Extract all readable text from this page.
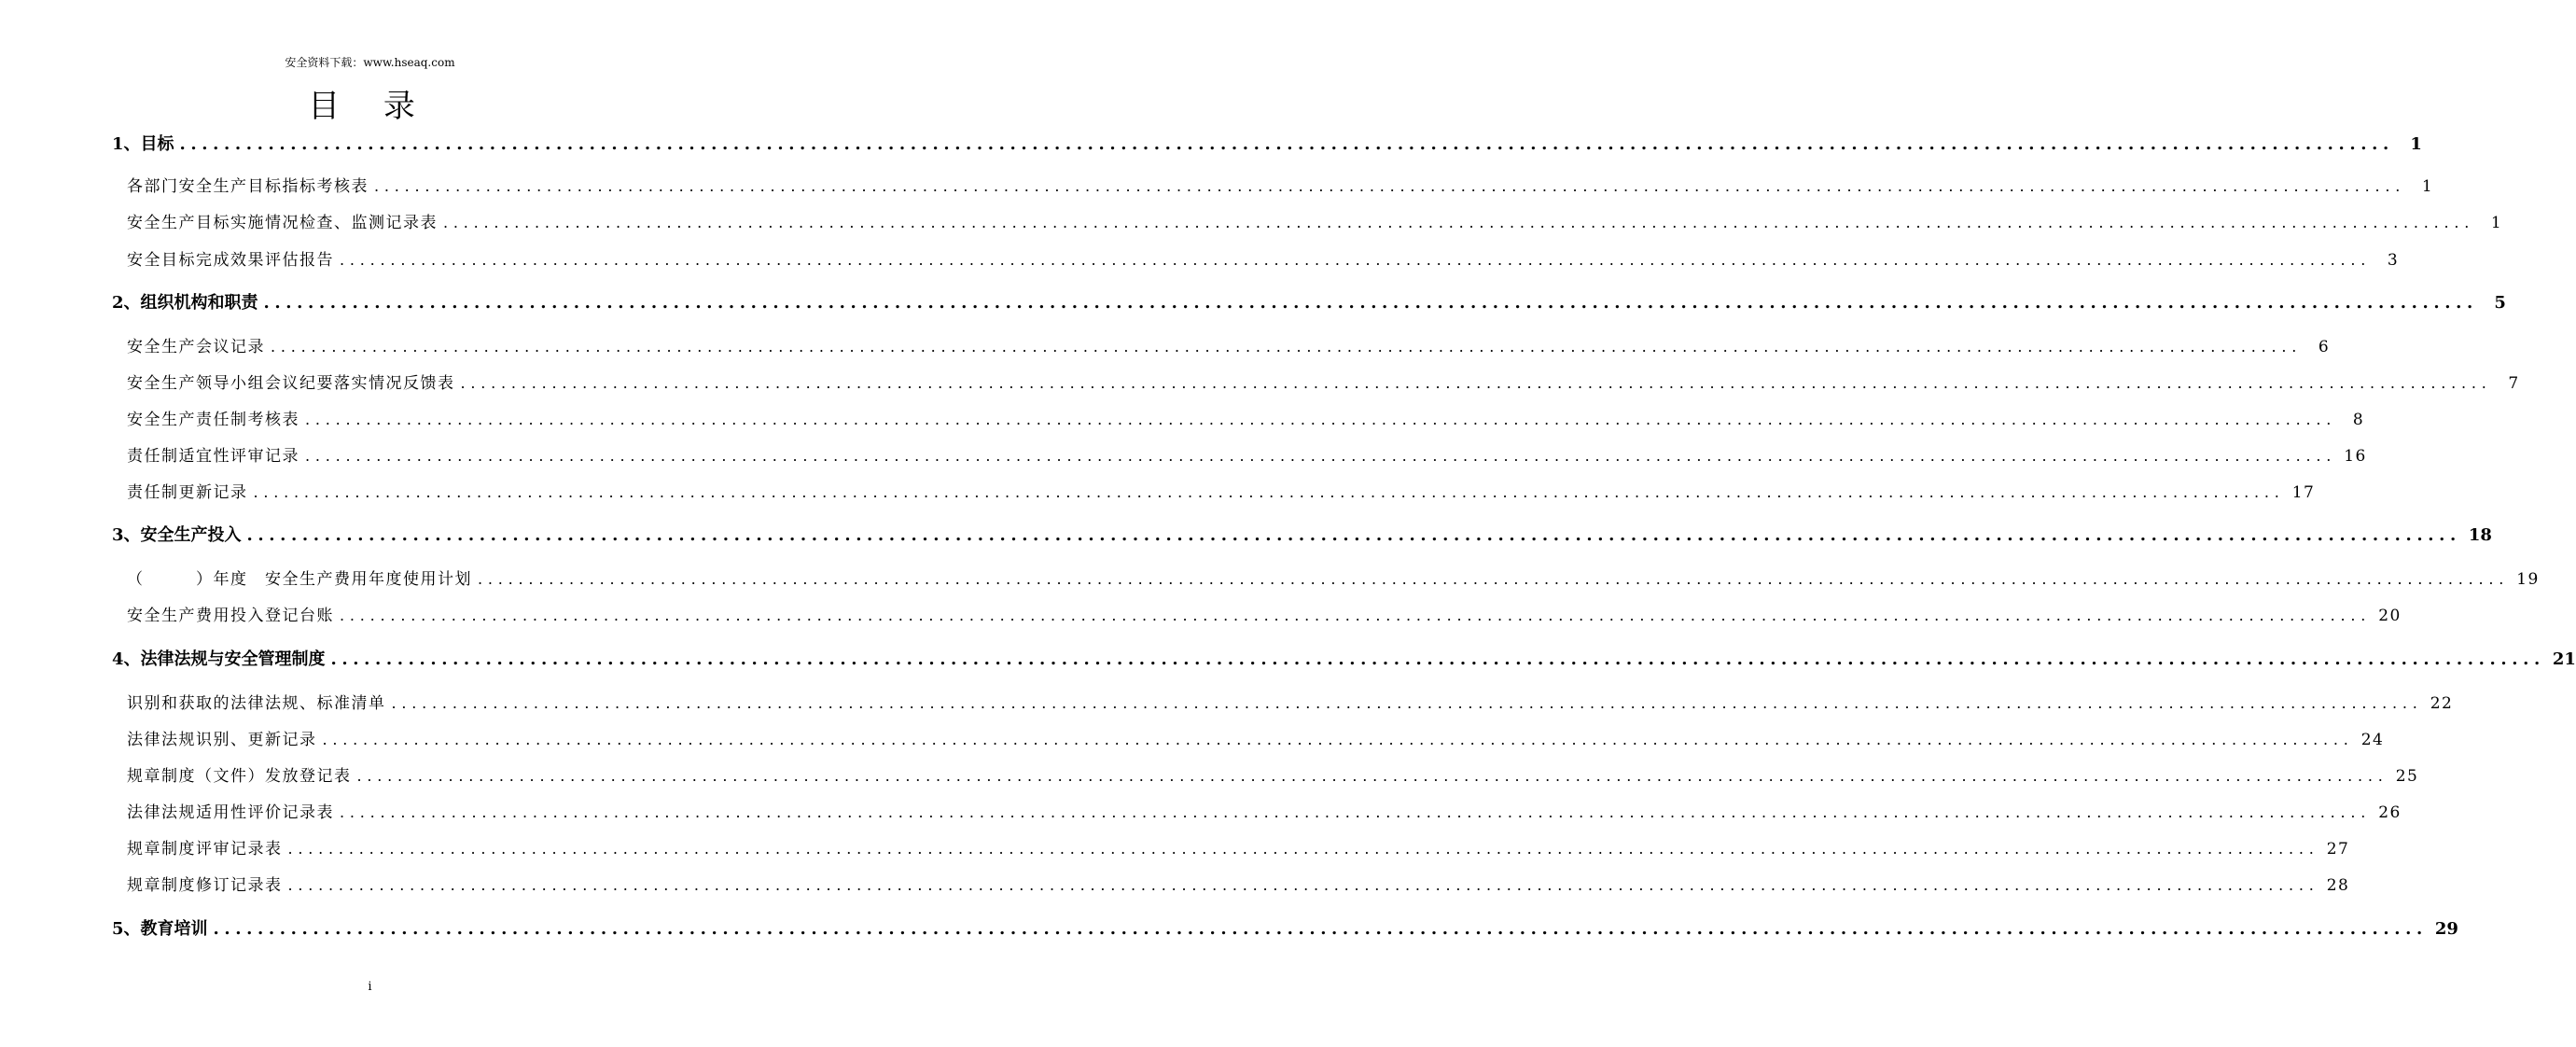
安全资料下载：www.hseaq.com
目 录
1、目标 ........................................................................................................................................................................................................ 1
各部门安全生产目标指标考核表 ........................................................................................................................................................................................................	1
安全生产目标实施情况检查、监测记录表 ........................................................................................................................................................................................................	1
安全目标完成效果评估报告 ........................................................................................................................................................................................................	3
2、组织机构和职责 ........................................................................................................................................................................................................ 5
安全生产会议记录 ........................................................................................................................................................................................................	6
安全生产领导小组会议纪要落实情况反馈表 ........................................................................................................................................................................................................	7
安全生产责任制考核表 ........................................................................................................................................................................................................	8
责任制适宜性评审记录 ........................................................................................................................................................................................................ 16
责任制更新记录 ........................................................................................................................................................................................................ 17
3、安全生产投入 ........................................................................................................................................................................................................ 18
（　　　）年度　安全生产费用年度使用计划 ........................................................................................................................................................................................................ 19
安全生产费用投入登记台账 ........................................................................................................................................................................................................ 20
4、法律法规与安全管理制度 ........................................................................................................................................................................................................ 21
识别和获取的法律法规、标准清单 ........................................................................................................................................................................................................ 22
法律法规识别、更新记录 ........................................................................................................................................................................................................ 24
规章制度（文件）发放登记表 ........................................................................................................................................................................................................ 25
法律法规适用性评价记录表 ........................................................................................................................................................................................................ 26
规章制度评审记录表 ........................................................................................................................................................................................................ 27
规章制度修订记录表 ........................................................................................................................................................................................................ 28
5、教育培训 ........................................................................................................................................................................................................ 29
i
